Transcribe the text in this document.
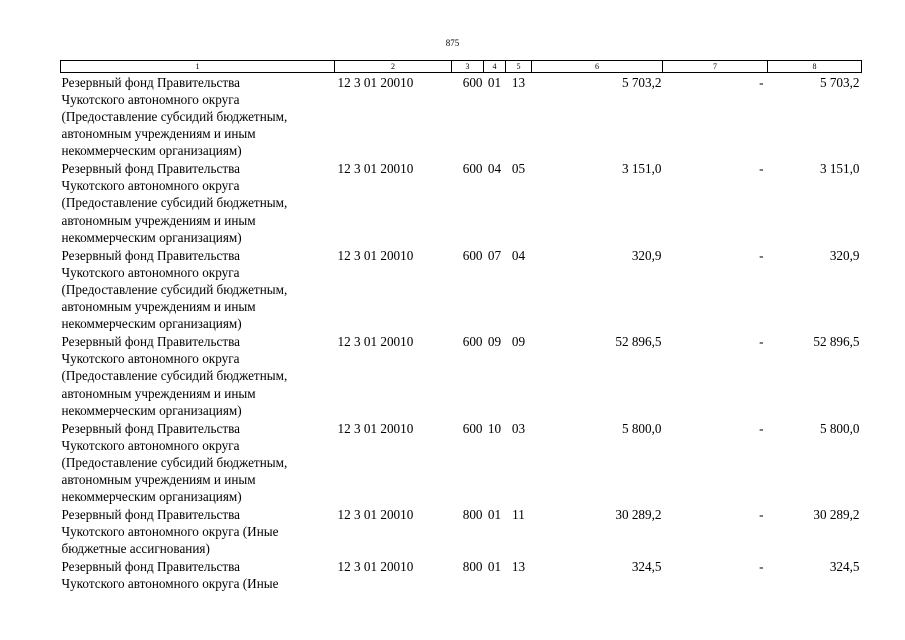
875
1	2	3	4	5	6	7	8

Резервный фонд Правительства
Чукотского автономного округа
(Предоставление субсидий бюджетным,
автономным учреждениям и иным
некоммерческим организациям)	12 3 01 20010	600	01	13	5 703,2	-	5 703,2

Резервный фонд Правительства
Чукотского автономного округа
(Предоставление субсидий бюджетным,
автономным учреждениям и иным
некоммерческим организациям)	12 3 01 20010	600	04	05	3 151,0	-	3 151,0

Резервный фонд Правительства
Чукотского автономного округа
(Предоставление субсидий бюджетным,
автономным учреждениям и иным
некоммерческим организациям)	12 3 01 20010	600	07	04	320,9	-	320,9

Резервный фонд Правительства
Чукотского автономного округа
(Предоставление субсидий бюджетным,
автономным учреждениям и иным
некоммерческим организациям)	12 3 01 20010	600	09	09	52 896,5	-	52 896,5

Резервный фонд Правительства
Чукотского автономного округа
(Предоставление субсидий бюджетным,
автономным учреждениям и иным
некоммерческим организациям)	12 3 01 20010	600	10	03	5 800,0	-	5 800,0

Резервный фонд Правительства
Чукотского автономного округа (Иные
бюджетные ассигнования)	12 3 01 20010	800	01	11	30 289,2	-	30 289,2

Резервный фонд Правительства
Чукотского автономного округа (Иные	12 3 01 20010	800	01	13	324,5	-	324,5
